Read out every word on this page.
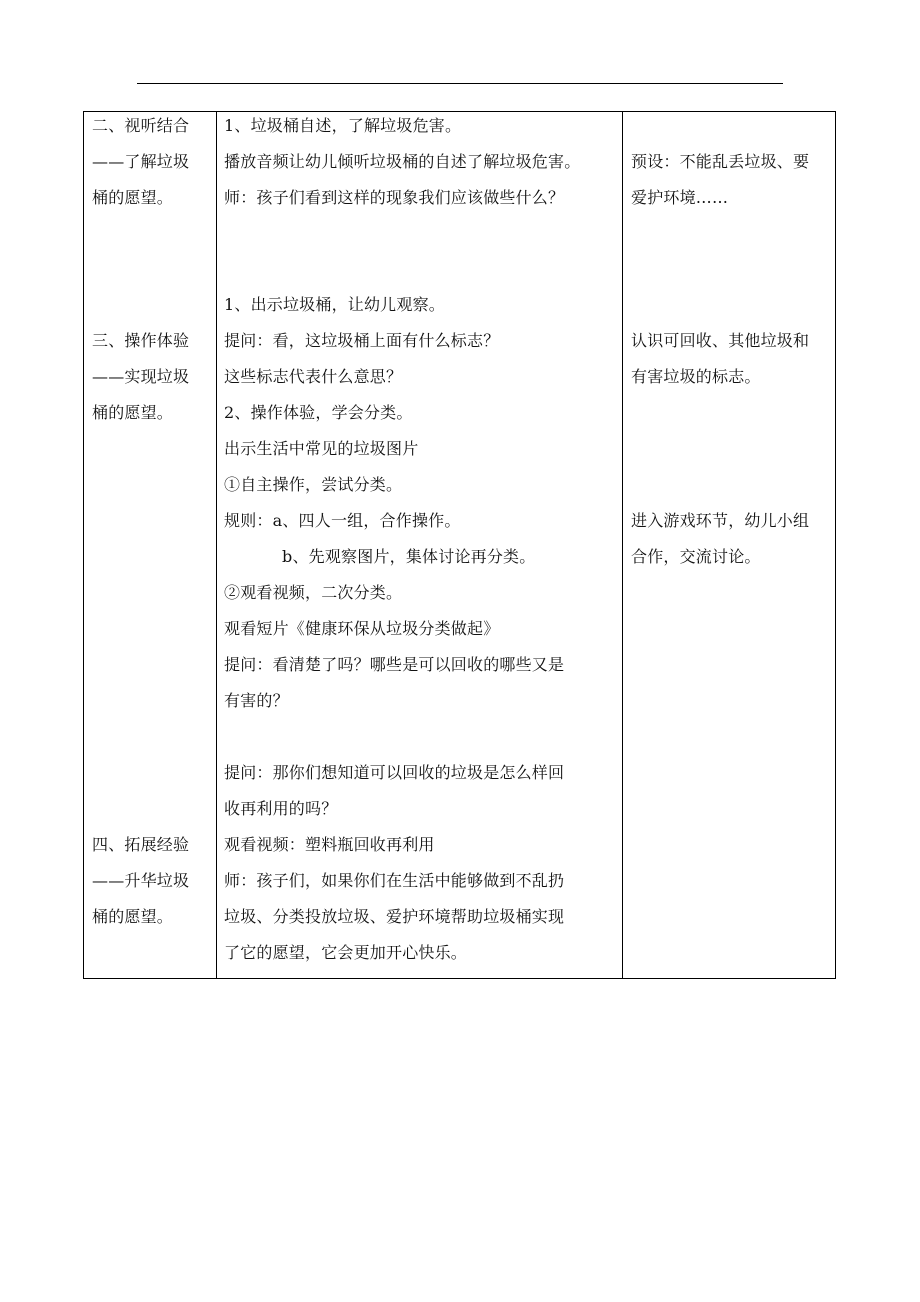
二、视听结合
——了解垃圾
桶的愿望。
1、垃圾桶自述，了解垃圾危害。
播放音频让幼儿倾听垃圾桶的自述了解垃圾危害。
师：孩子们看到这样的现象我们应该做些什么？
预设：不能乱丢垃圾、要
爱护环境……
三、操作体验
——实现垃圾
桶的愿望。
1、出示垃圾桶，让幼儿观察。
提问：看，这垃圾桶上面有什么标志？
这些标志代表什么意思？
2、操作体验，学会分类。
出示生活中常见的垃圾图片
①自主操作，尝试分类。
规则：a、四人一组，合作操作。
b、先观察图片，集体讨论再分类。
②观看视频，二次分类。
观看短片《健康环保从垃圾分类做起》
提问：看清楚了吗？哪些是可以回收的哪些又是
有害的？
认识可回收、其他垃圾和
有害垃圾的标志。
进入游戏环节，幼儿小组
合作，交流讨论。
四、拓展经验
——升华垃圾
桶的愿望。
提问：那你们想知道可以回收的垃圾是怎么样回
收再利用的吗？
观看视频：塑料瓶回收再利用
师：孩子们，如果你们在生活中能够做到不乱扔
垃圾、分类投放垃圾、爱护环境帮助垃圾桶实现
了它的愿望，它会更加开心快乐。
